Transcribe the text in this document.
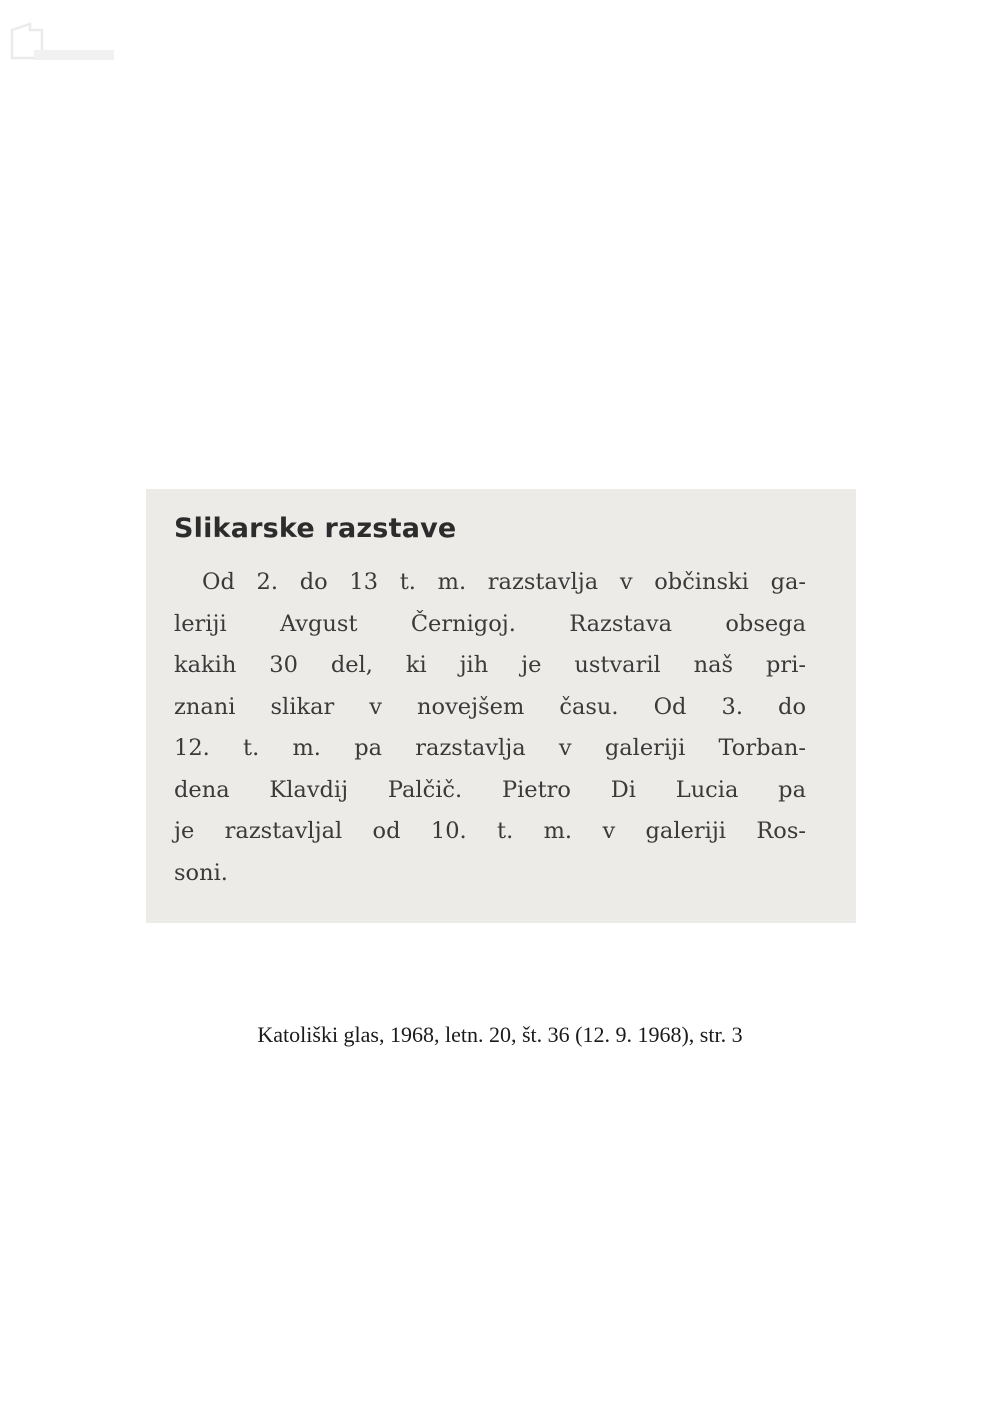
Slikarske razstave
Od 2. do 13 t. m. razstavlja v občinski ga-
leriji Avgust Černigoj. Razstava obsega
kakih 30 del, ki jih je ustvaril naš pri-
znani slikar v novejšem času. Od 3. do
12. t. m. pa razstavlja v galeriji Torban-
dena Klavdij Palčič. Pietro Di Lucia pa
je razstavljal od 10. t. m. v galeriji Ros-
soni.
Katoliški glas, 1968, letn. 20, št. 36 (12. 9. 1968), str. 3
